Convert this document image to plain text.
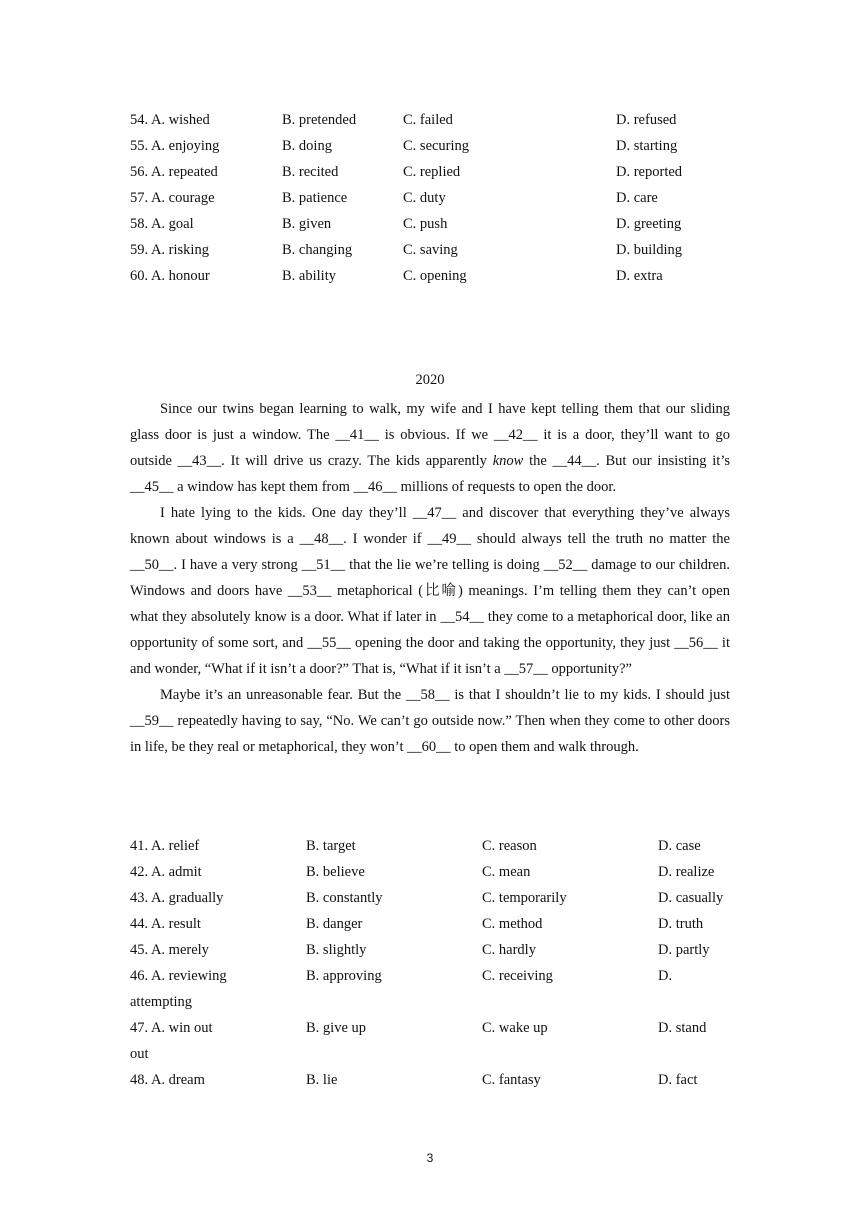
54. A. wished	B. pretended	C. failed	D. refused
55. A. enjoying	B. doing	C. securing	D. starting
56. A. repeated	B. recited	C. replied	D. reported
57. A. courage	B. patience	C. duty	D. care
58. A. goal	B. given	C. push	D. greeting
59. A. risking	B. changing	C. saving	D. building
60. A. honour	B. ability	C. opening	D. extra
2020

Since our twins began learning to walk, my wife and I have kept telling them that our sliding glass door is just a window. The __41__ is obvious. If we __42__ it is a door, they’ll want to go outside __43__. It will drive us crazy. The kids apparently know the __44__. But our insisting it’s __45__ a window has kept them from __46__ millions of requests to open the door.

I hate lying to the kids. One day they’ll __47__ and discover that everything they’ve always known about windows is a __48__. I wonder if __49__ should always tell the truth no matter the __50__. I have a very strong __51__ that the lie we’re telling is doing __52__ damage to our children. Windows and doors have __53__ metaphorical (比喻) meanings. I’m telling them they can’t open what they absolutely know is a door. What if later in __54__ they come to a metaphorical door, like an opportunity of some sort, and __55__ opening the door and taking the opportunity, they just __56__ it and wonder, “What if it isn’t a door?” That is, “What if it isn’t a __57__ opportunity?”

Maybe it’s an unreasonable fear. But the __58__ is that I shouldn’t lie to my kids. I should just __59__ repeatedly having to say, “No. We can’t go outside now.” Then when they come to other doors in life, be they real or metaphorical, they won’t __60__ to open them and walk through.

41. A. relief	B. target	C. reason	D. case
42. A. admit	B. believe	C. mean	D. realize
43. A. gradually	B. constantly	C. temporarily	D. casually
44. A. result	B. danger	C. method	D. truth
45. A. merely	B. slightly	C. hardly	D. partly
46. A. reviewing	B. approving	C. receiving	D.
attempting
47. A. win out	B. give up	C. wake up	D. stand
out
48. A. dream	B. lie	C. fantasy	D. fact
3
